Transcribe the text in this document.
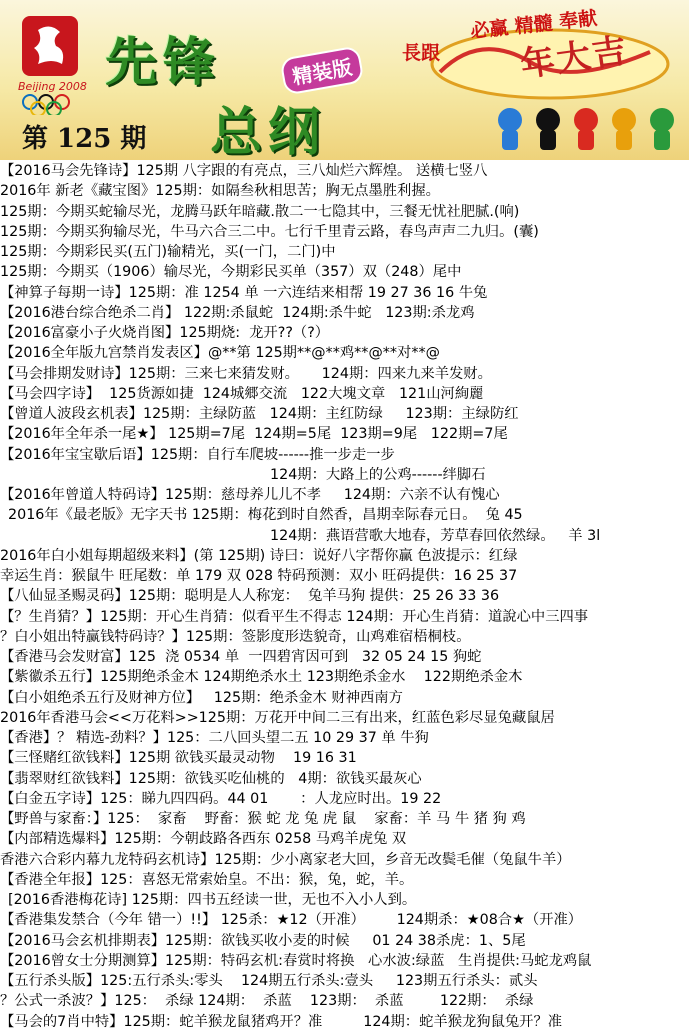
Beijing 2008 先锋	精装版
总纲
第 125 期
必赢 精髓 奉献
長跟 年大吉
【2016马会先锋诗】125期 八字跟的有亮点，三八灿烂六辉煌。 送横七竖八
2016年 新老《藏宝图》125期：如隔叁秋相思苦；胸无点墨胜利握。
125期：今期买蛇输尽光，龙腾马跃年暗藏.散二一七隐其中，三餐无忧社肥腻.(响)
125期：今期买狗输尽光，牛马六合三二中。七行千里青云路，春鸟声声二九归。(囊)
125期：今期彩民买(五门)输精光，买(一门，二门)中
125期：今期买（1906）输尽光，今期彩民买单（357）双（248）尾中
【神算子每期一诗】125期：准 1254 单 一六连结来相帮 19 27 36 16 牛兔
【2016港台综合绝杀二肖】 122期:杀鼠蛇  124期:杀牛蛇   123期:杀龙鸡
【2016富豪小子火烧肖图】125期烧:  龙开??（?）
【2016全年版九宫禁肖发表区】@**第 125期**@**鸡**@**对**@
【马会排期发财诗】125期：三来七来猜发财。     124期：四来九来羊发财。
【马会四字诗】  125货源如捷  124城郷交流   122大塊文章   121山河絢麗
【曾道人波段玄机表】125期：主绿防蓝   124期：主红防绿     123期：主绿防红
【2016年全年杀一尾★】 125期=7尾  124期=5尾  123期=9尾   122期=7尾
【2016年宝宝歇后语】125期：自行车爬坡------推一步走一步
124期：大路上的公鸡------绊脚石
【2016年曾道人特码诗】125期：慈母养儿儿不孝     124期：六亲不认有愧心
2016年《最老版》无字天书 125期：梅花到时自然香，昌期幸际春元日。  兔 45
124期：燕语营歌大地春，芳草春回依然绿。   羊 3l
2016年白小姐每期超级来料】(第 125期) 诗曰：说好八字帮你赢 色波提示：红绿
幸运生肖：猴鼠牛 旺尾数：单 179 双 028 特码预测：双小 旺码提供：16 25 37
【八仙显圣赐灵码】125期：聪明是人人称宠：  兔羊马狗 提供：25 26 33 36
【？生肖猜？】125期：开心生肖猜：似看平生不得志 124期：开心生肖猜：道說心中三四事
？白小姐出特赢钱特码诗？】125期：签影度形迭貌奇，山鸡难宿梧桐枝。
【香港马会发财富】125  浇 0534 单  一四碧宵因可到   32 05 24 15 狗蛇
【紫徽杀五行】125期绝杀金木 124期绝杀水土 123期绝杀金水    122期绝杀金木
【白小姐绝杀五行及财神方位】   125期：绝杀金木 财神西南方
2016年香港马会<<万花料>>125期：万花开中间二三有出来，红蓝色彩尽显兔藏鼠居
【香港】？ 精选-劲料？】125：二八回头望二五 10 29 37 单 牛狗
【三怪赌红欲钱料】125期 欲钱买最灵动物    19 16 31
【翡翠财红欲钱料】125期：欲钱买吃仙桃的   4期：欲钱买最灰心
【白金五字诗】125：睇九四四码。44 01       ：人龙应时出。19 22
【野兽与家畜：】125：  家畜    野畜：猴 蛇 龙 兔 虎 鼠    家畜：羊 马 牛 猪 狗 鸡
【内部精选爆料】125期：今朝歧路各西东 0258 马鸡羊虎兔 双
香港六合彩内幕九龙特码玄机诗】125期：少小离家老大回，乡音无改鬓毛催（兔鼠牛羊）
【香港全年报】125：喜怒无常索始皇。不出：猴，兔，蛇，羊。
[2016香港梅花诗] 125期：四书五经读一世，无也不入小人到。
【香港集发禁合（今年 错一）!!】 125杀：★12（开准）       124期杀：★08合★（开准）
【2016马会玄机排期表】125期：欲钱买收小麦的时候     01 24 38杀虎：1、5尾
【2016曾女士分期测算】125期：特码玄机:春赏时将换   心水波:绿蓝   生肖提供:马蛇龙鸡鼠
【五行杀头版】125:五行杀头:零头    124期五行杀头:壹头     123期五行杀头：贰头
？公式一杀波？】125：  杀绿 124期：  杀蓝    123期：  杀蓝        122期：  杀绿
【马会的7肖中特】125期：蛇羊猴龙鼠猪鸡开？准         124期：蛇羊猴龙狗鼠兔开？准
